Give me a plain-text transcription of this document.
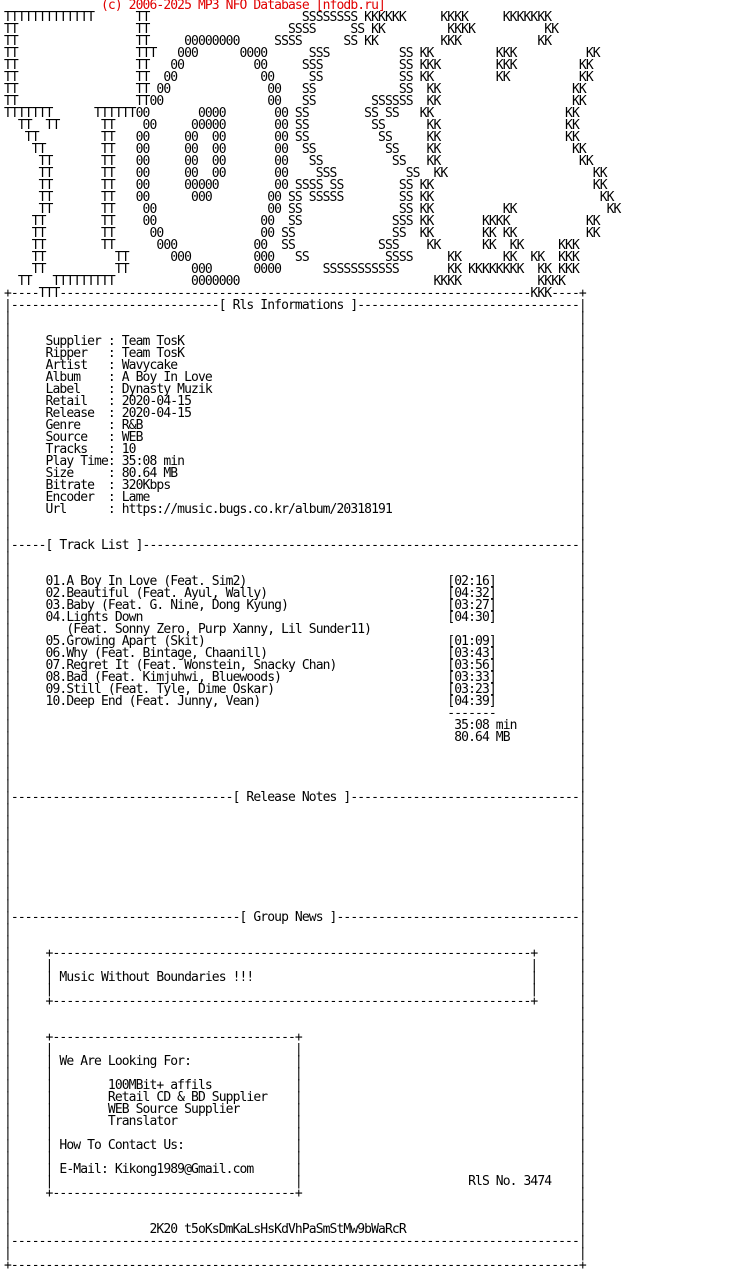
(c) 2006-2025 MP3 NFO Database [nfodb.ru]
TTTTTTTTTTTTT      TT                      SSSSSSSS KKKKKK     KKKK     KKKKKKK
TT                 TT                    SSSS     SS KK         KKKK          KK
TT                 TT     00000000     SSSS      SS KK         KKK           KK
TT                 TTT   000      0000      SSS          SS KK         KKK          KK
TT                 TT   00          00     SSS           SS KKK        KKK         KK
TT                 TT  00            00     SS           SS KK         KK          KK
TT                 TT 00              00   SS            SS  KK                   KK
TT                 TT00               00   SS        SSSSSS  KK                   KK
TTTTTTT      TTTTTT00       0000       00 SS        SS SS   KK                   KK
TT  TT      TT    00     00000       00 SS         SS      KK                  KK
TT         TT   00     00  00       00 SS          SS     KK                  KK
TT        TT   00     00  00       00  SS          SS    KK                   KK
TT       TT   00     00  00       00   SS          SS   KK                    KK
TT       TT   00     00  00       00    SSS          SS  KK                     KK
TT       TT   00     00000        00 SSSS SS        SS KK                       KK
TT       TT   00      000        00 SS SSSSS        SS KK                        KK
TT       TT    00                00 SS              SS KK          KK             KK
TT        TT    00               00  SS             SSS KK       KKKK           KK
TT        TT     00              00 SS              SS  KK       KK KK          KK
TT        TT      000           00  SS            SSS    KK      KK  KK     KKK
TT          TT      000         000   SS           SSSS     KK      KK  KK  KKK
TT          TT         000      0000      SSSSSSSSSSS       KK KKKKKKKK  KK KKK
TT   TTTTTTTTT           0000000                            KKKK           KKKK
+----TTT--------------------------------------------------------------------KKK----+
|------------------------------[ Rls Informations ]--------------------------------|
|                                                                                  |
|                                                                                  |
|     Supplier : Team TosK                                                         |
|     Ripper   : Team TosK                                                         |
|     Artist   : Wavycake                                                          |
|     Album    : A Boy In Love                                                     |
|     Label    : Dynasty Muzik                                                     |
|     Retail   : 2020-04-15                                                        |
|     Release  : 2020-04-15                                                        |
|     Genre    : R&B                                                               |
|     Source   : WEB                                                               |
|     Tracks   : 10                                                                |
|     Play Time: 35:08 min                                                         |
|     Size     : 80.64 MB                                                          |
|     Bitrate  : 320Kbps                                                           |
|     Encoder  : Lame                                                              |
|     Url      : https://music.bugs.co.kr/album/20318191                           |
|                                                                                  |
|                                                                                  |
|-----[ Track List ]---------------------------------------------------------------|
|                                                                                  |
|                                                                                  |
|     01.A Boy In Love (Feat. Sim2)                             [02:16]            |
|     02.Beautiful (Feat. Ayul, Wally)                          [04:32]            |
|     03.Baby (Feat. G. Nine, Dong Kyung)                       [03:27]            |
|     04.Lights Down                                            [04:30]            |
|        (Feat. Sonny Zero, Purp Xanny, Lil Sunder11)                              |
|     05.Growing Apart (Skit)                                   [01:09]            |
|     06.Why (Feat. Bintage, Chaanill)                          [03:43]            |
|     07.Regret It (Feat. Wonstein, Snacky Chan)                [03:56]            |
|     08.Bad (Feat. Kimjuhwi, Bluewoods)                        [03:33]            |
|     09.Still (Feat. Tyle, Dime Oskar)                         [03:23]            |
|     10.Deep End (Feat. Junny, Vean)                           [04:39]            |
|                                                               -------            |
|                                                                35:08 min         |
|                                                                80.64 MB          |
|                                                                                  |
|                                                                                  |
|                                                                                  |
|                                                                                  |
|--------------------------------[ Release Notes ]---------------------------------|
|                                                                                  |
|                                                                                  |
|                                                                                  |
|                                                                                  |
|                                                                                  |
|                                                                                  |
|                                                                                  |
|                                                                                  |
|                                                                                  |
|---------------------------------[ Group News ]-----------------------------------|
|                                                                                  |
|                                                                                  |
|     +---------------------------------------------------------------------+      |
|     |                                                                     |      |
|     | Music Without Boundaries !!!                                        |      |
|     |                                                                     |      |
|     +---------------------------------------------------------------------+      |
|                                                                                  |
|                                                                                  |
|     +-----------------------------------+                                        |
|     |                                   |                                        |
|     | We Are Looking For:               |                                        |
|     |                                   |                                        |
|     |        100MBit+ affils            |                                        |
|     |        Retail CD & BD Supplier    |                                        |
|     |        WEB Source Supplier        |                                        |
|     |        Translator                 |                                        |
|     |                                   |                                        |
|     | How To Contact Us:                |                                        |
|     |                                   |                                        |
|     | E-Mail: Kikong1989@Gmail.com      |                                        |
|     |                                   |                        RlS No. 3474    |
|     +-----------------------------------+                                        |
|                                                                                  |
|                                                                                  |
|                    2K20 t5oKsDmKaLsHsKdVhPaSmStMw9bWaRcR                         |
|----------------------------------------------------------------------------------|
|                                                                                  |
+----------------------------------------------------------------------------------+
